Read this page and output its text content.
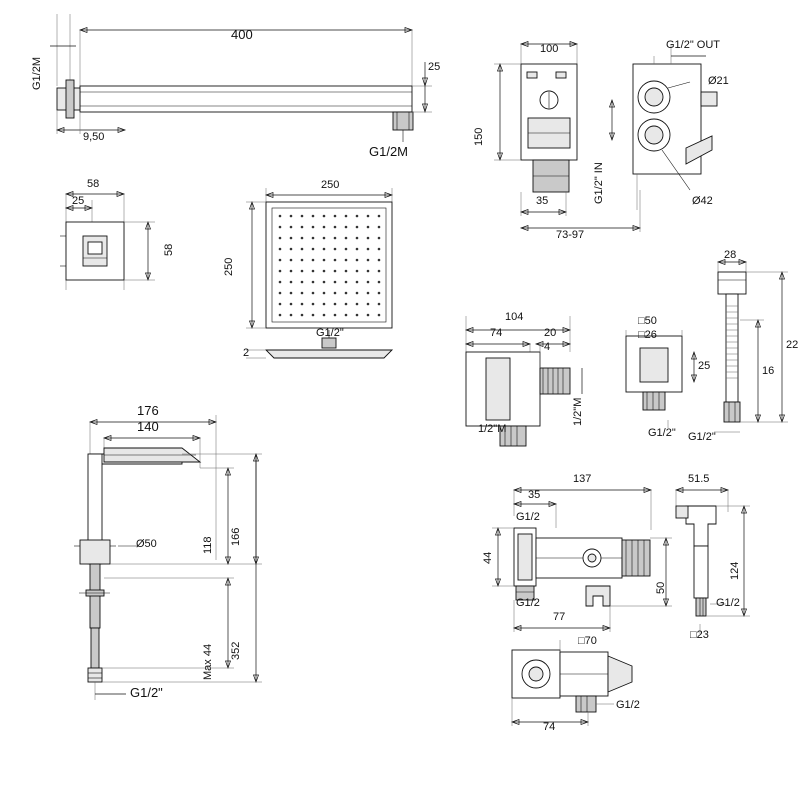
G1/2M
400
25
9,50
G1/2M
58
25
58
250
250
G1/2"
2
176
140
166
118
352
Ø50
Max 44
G1/2"
100
150
G1/2" OUT
G1/2" IN
Ø21
Ø42
35
73-97
104
74	20
4
1/2"M
1/2"M
□50
□26
25
G1/2"
28
22
16
G1/2"
137
35
G1/2
44
G1/2
77
50
51.5
124
G1/2
□23
□70
74
G1/2
